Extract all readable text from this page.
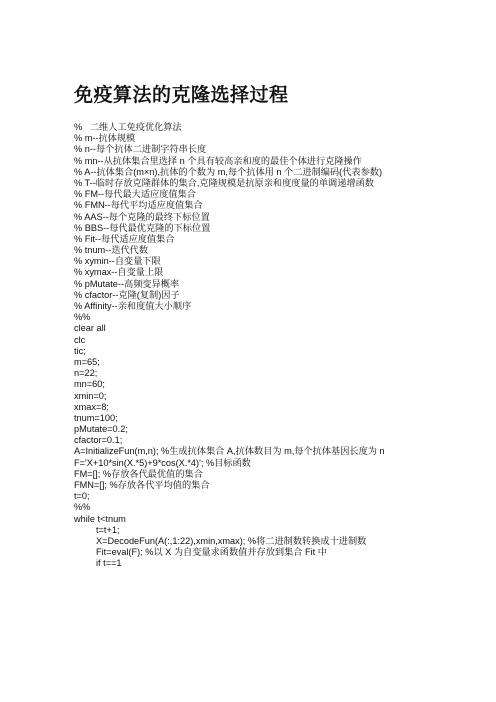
免疫算法的克隆选择过程
%   二维人工免疫优化算法
% m--抗体规模
% n--每个抗体二进制字符串长度
% mn--从抗体集合里选择 n 个具有较高亲和度的最佳个体进行克隆操作
% A--抗体集合(m×n),抗体的个数为 m,每个抗体用 n 个二进制编码(代表参数)
% T--临时存放克隆群体的集合,克隆规模是抗原亲和度度量的单调递增函数
% FM--每代最大适应度值集合
% FMN--每代平均适应度值集合
% AAS--每个克隆的最终下标位置
% BBS--每代最优克隆的下标位置
% Fit--每代适应度值集合
% tnum--迭代代数
% xymin--自变量下限
% xymax--自变量上限
% pMutate--高频变异概率
% cfactor--克隆(复制)因子
% Affinity--亲和度值大小顺序
%%
clear all
clc
tic;
m=65;
n=22;
mn=60;
xmin=0;
xmax=8;
tnum=100;
pMutate=0.2;
cfactor=0.1;
A=InitializeFun(m,n); %生成抗体集合 A,抗体数目为 m,每个抗体基因长度为 n
F='X+10*sin(X.*5)+9*cos(X.*4)'; %目标函数
FM=[]; %存放各代最优值的集合
FMN=[]; %存放各代平均值的集合
t=0;
%%
while t<tnum
t=t+1;
X=DecodeFun(A(:,1:22),xmin,xmax); %将二进制数转换成十进制数
Fit=eval(F); %以 X 为自变量求函数值并存放到集合 Fit 中
if t==1
